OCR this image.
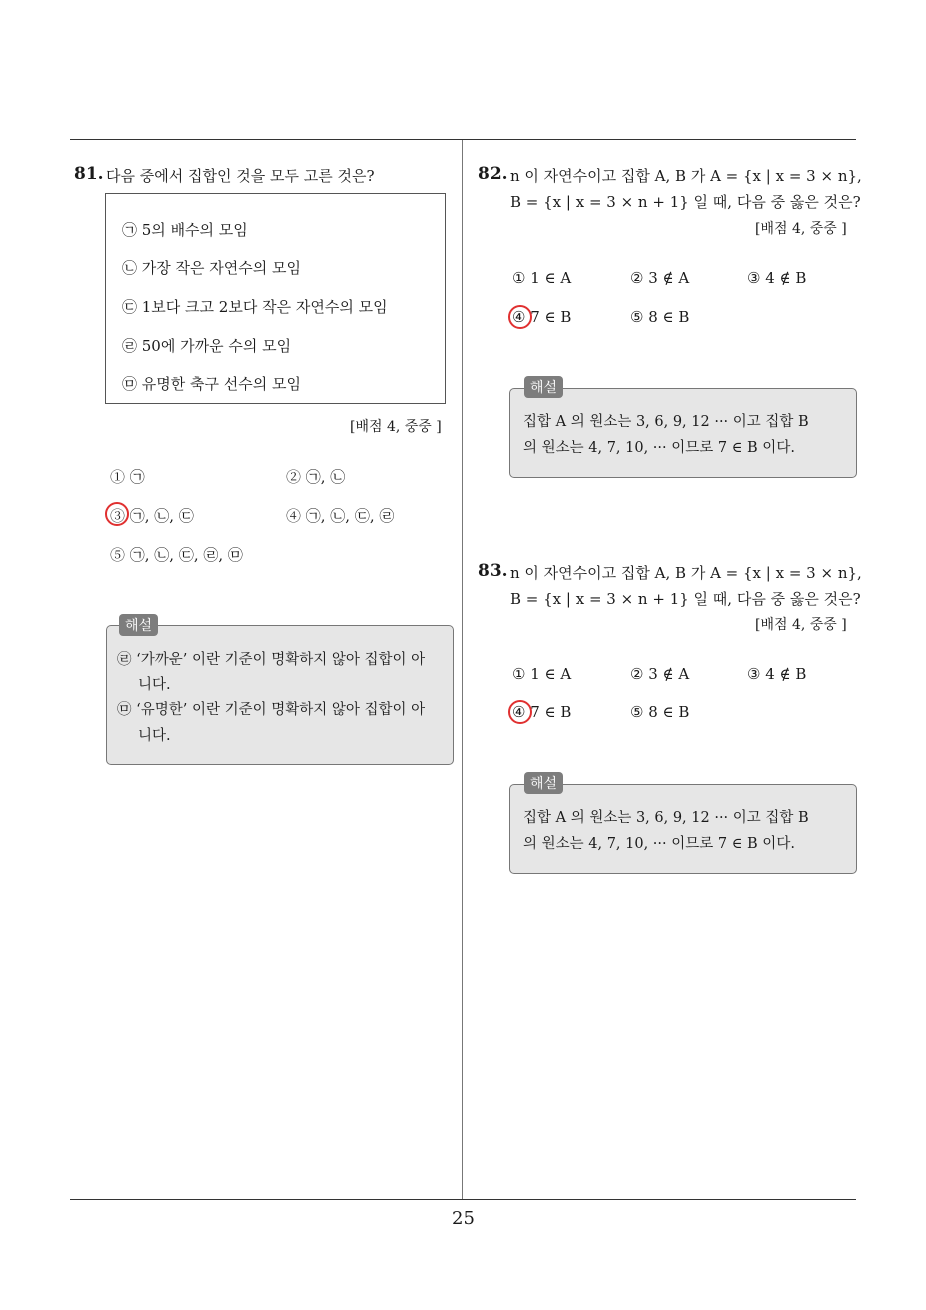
81. 다음 중에서 집합인 것을 모두 고른 것은?
㉠ 5의 배수의 모임
㉡ 가장 작은 자연수의 모임
㉢ 1보다 크고 2보다 작은 자연수의 모임
㉣ 50에 가까운 수의 모임
㉤ 유명한 축구 선수의 모임
[배점 4, 중중 ]
① ㉠	② ㉠, ㉡
③ ㉠, ㉡, ㉢	④ ㉠, ㉡, ㉢, ㉣
⑤ ㉠, ㉡, ㉢, ㉣, ㉤
해설
㉣ ‘가까운’ 이란 기준이 명확하지 않아 집합이 아
니다.
㉤ ‘유명한’ 이란 기준이 명확하지 않아 집합이 아
니다.
82. n 이 자연수이고 집합 A, B 가 A = {x | x = 3 × n},
B = {x | x = 3 × n + 1} 일 때, 다음 중 옳은 것은?
[배점 4, 중중 ]
① 1 ∈ A	② 3 ∉ A	③ 4 ∉ B
④ 7 ∈ B	⑤ 8 ∈ B
해설
집합 A 의 원소는 3, 6, 9, 12 ··· 이고 집합 B
의 원소는 4, 7, 10, ··· 이므로 7 ∈ B 이다.
83. n 이 자연수이고 집합 A, B 가 A = {x | x = 3 × n},
B = {x | x = 3 × n + 1} 일 때, 다음 중 옳은 것은?
[배점 4, 중중 ]
① 1 ∈ A	② 3 ∉ A	③ 4 ∉ B
④ 7 ∈ B	⑤ 8 ∈ B
해설
집합 A 의 원소는 3, 6, 9, 12 ··· 이고 집합 B
의 원소는 4, 7, 10, ··· 이므로 7 ∈ B 이다.
25
